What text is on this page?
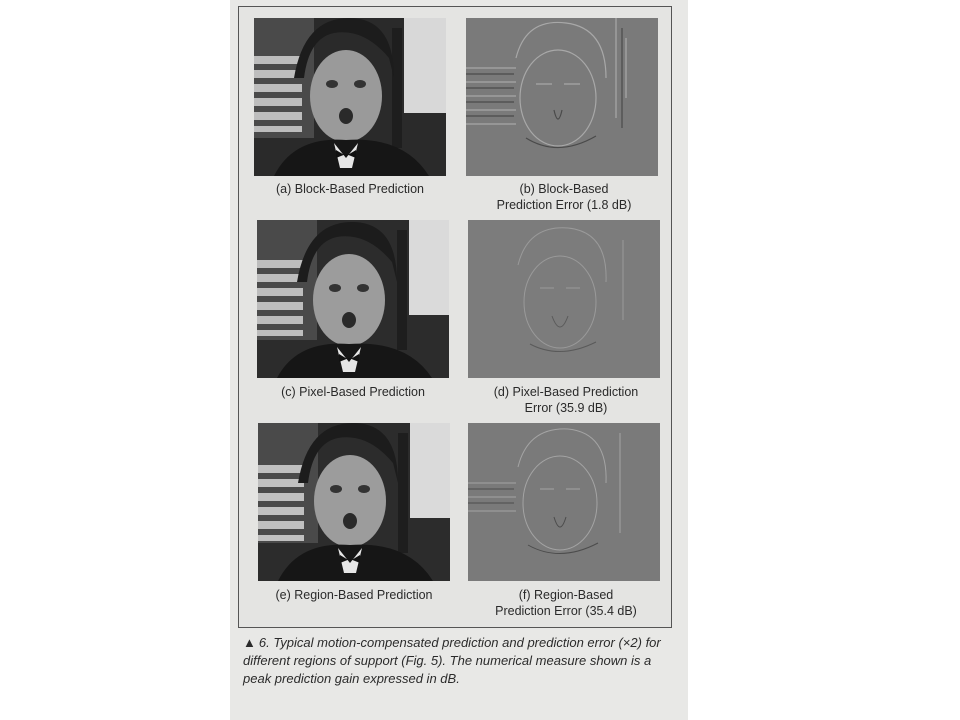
(a) Block-Based Prediction	(b) Block-Based
Prediction Error (1.8 dB)
(c) Pixel-Based Prediction	(d) Pixel-Based Prediction
Error (35.9 dB)
(e) Region-Based Prediction	(f) Region-Based
Prediction Error (35.4 dB)
▲ 6. Typical motion-compensated prediction and prediction error (×2) for different regions of support (Fig. 5). The numerical measure shown is a peak prediction gain expressed in dB.
